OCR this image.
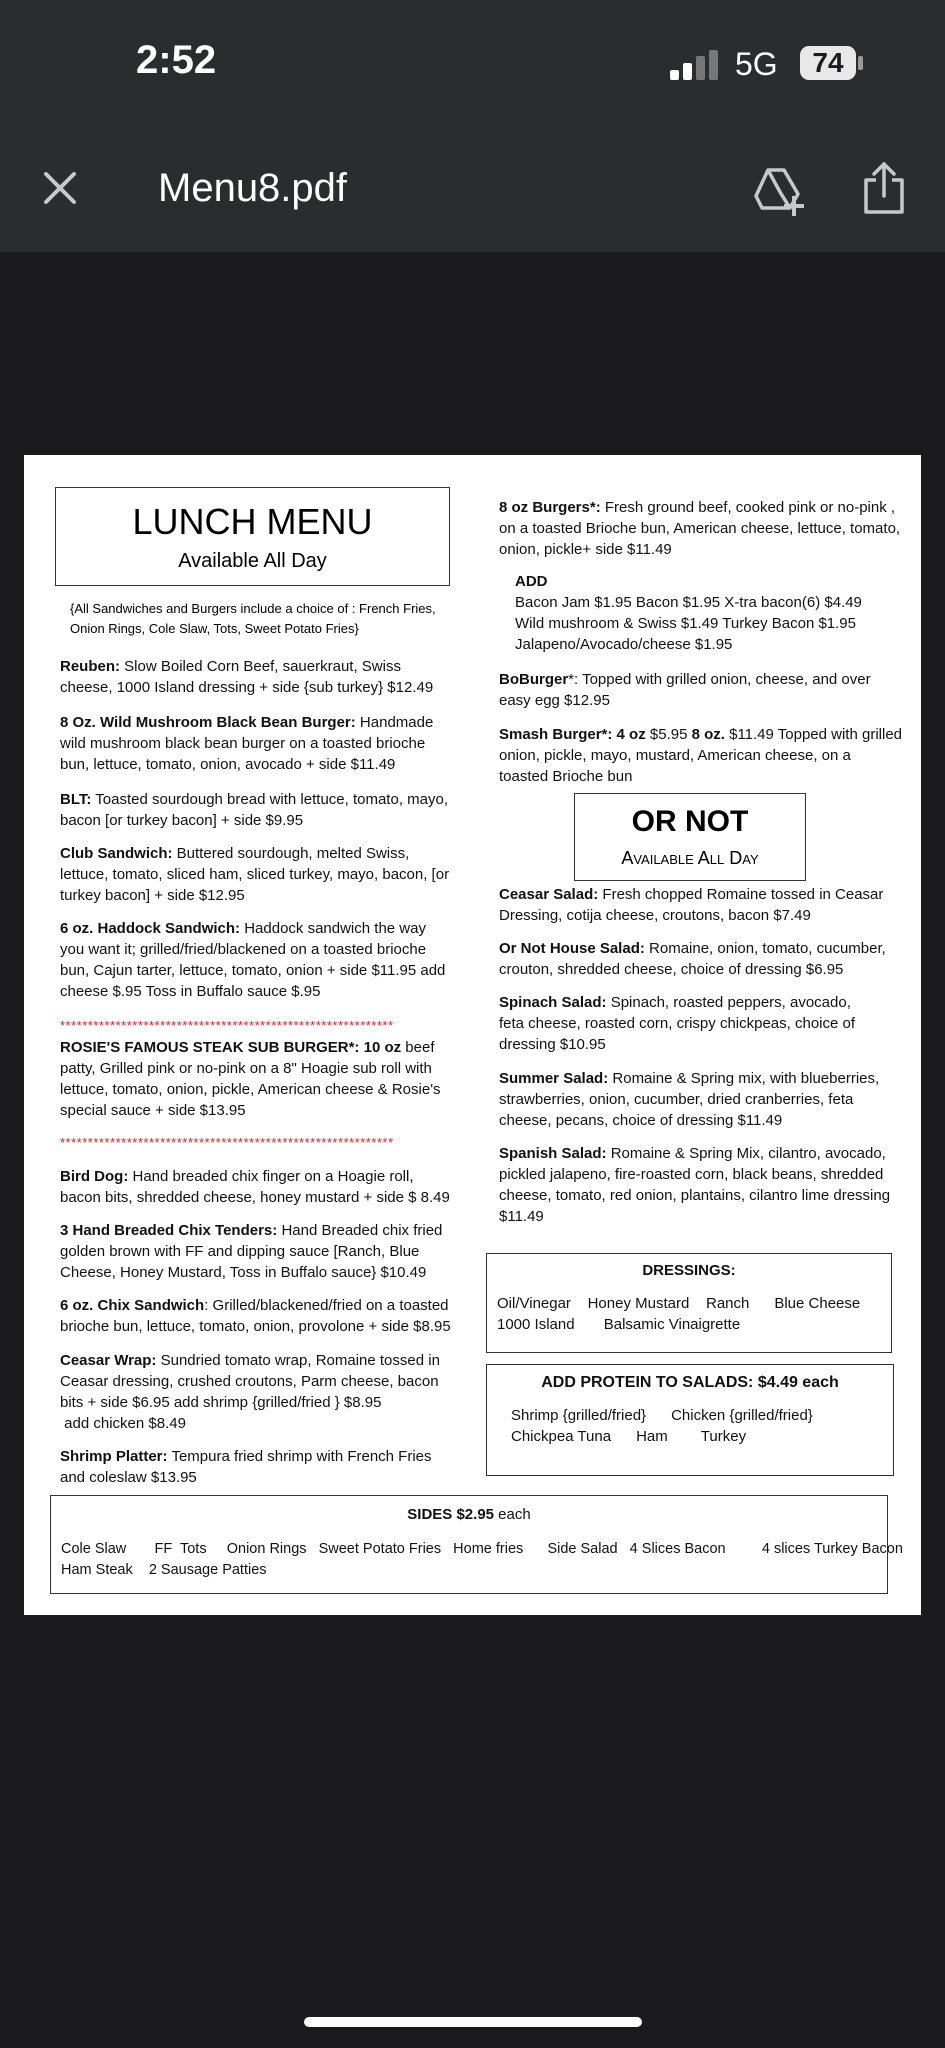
2:52	5G	74
Menu8.pdf
LUNCH MENU
Available All Day
{All Sandwiches and Burgers include a choice of : French Fries, Onion Rings, Cole Slaw, Tots, Sweet Potato Fries}
Reuben: Slow Boiled Corn Beef, sauerkraut, Swiss cheese, 1000 Island dressing + side {sub turkey} $12.49
8 Oz. Wild Mushroom Black Bean Burger: Handmade wild mushroom black bean burger on a toasted brioche bun, lettuce, tomato, onion, avocado + side $11.49
BLT: Toasted sourdough bread with lettuce, tomato, mayo, bacon [or turkey bacon] + side $9.95
Club Sandwich: Buttered sourdough, melted Swiss, lettuce, tomato, sliced ham, sliced turkey, mayo, bacon, [or turkey bacon] + side $12.95
6 oz. Haddock Sandwich: Haddock sandwich the way you want it; grilled/fried/blackened on a toasted brioche bun, Cajun tarter, lettuce, tomato, onion + side $11.95 add cheese $.95 Toss in Buffalo sauce $.95
************************************************************
ROSIE'S FAMOUS STEAK SUB BURGER*: 10 oz beef patty, Grilled pink or no-pink on a 8" Hoagie sub roll with lettuce, tomato, onion, pickle, American cheese & Rosie's special sauce + side $13.95
************************************************************
Bird Dog: Hand breaded chix finger on a Hoagie roll, bacon bits, shredded cheese, honey mustard + side $ 8.49
3 Hand Breaded Chix Tenders: Hand Breaded chix fried golden brown with FF and dipping sauce [Ranch, Blue Cheese, Honey Mustard, Toss in Buffalo sauce} $10.49
6 oz. Chix Sandwich: Grilled/blackened/fried on a toasted brioche bun, lettuce, tomato, onion, provolone + side $8.95
Ceasar Wrap: Sundried tomato wrap, Romaine tossed in Ceasar dressing, crushed croutons, Parm cheese, bacon bits + side $6.95 add shrimp {grilled/fried } $8.95
add chicken $8.49
Shrimp Platter: Tempura fried shrimp with French Fries and coleslaw $13.95
8 oz Burgers*: Fresh ground beef, cooked pink or no-pink , on a toasted Brioche bun, American cheese, lettuce, tomato, onion, pickle+ side $11.49
ADD
Bacon Jam $1.95 Bacon $1.95 X-tra bacon(6) $4.49
Wild mushroom & Swiss $1.49 Turkey Bacon $1.95
Jalapeno/Avocado/cheese $1.95
BoBurger*: Topped with grilled onion, cheese, and over easy egg $12.95
Smash Burger*: 4 oz $5.95 8 oz. $11.49 Topped with grilled onion, pickle, mayo, mustard, American cheese, on a toasted Brioche bun
OR NOT
Available All Day
Ceasar Salad: Fresh chopped Romaine tossed in Ceasar Dressing, cotija cheese, croutons, bacon $7.49
Or Not House Salad: Romaine, onion, tomato, cucumber, crouton, shredded cheese, choice of dressing $6.95
Spinach Salad: Spinach, roasted peppers, avocado, feta cheese, roasted corn, crispy chickpeas, choice of dressing $10.95
Summer Salad: Romaine & Spring mix, with blueberries, strawberries, onion, cucumber, dried cranberries, feta cheese, pecans, choice of dressing $11.49
Spanish Salad: Romaine & Spring Mix, cilantro, avocado, pickled jalapeno, fire-roasted corn, black beans, shredded cheese, tomato, red onion, plantains, cilantro lime dressing $11.49
DRESSINGS:
Oil/Vinegar    Honey Mustard    Ranch      Blue Cheese
1000 Island       Balsamic Vinaigrette
ADD PROTEIN TO SALADS: $4.49 each
Shrimp {grilled/fried}      Chicken {grilled/fried}
Chickpea Tuna      Ham        Turkey
SIDES $2.95 each
Cole Slaw       FF  Tots     Onion Rings   Sweet Potato Fries   Home fries      Side Salad   4 Slices Bacon         4 slices Turkey Bacon
Ham Steak    2 Sausage Patties
